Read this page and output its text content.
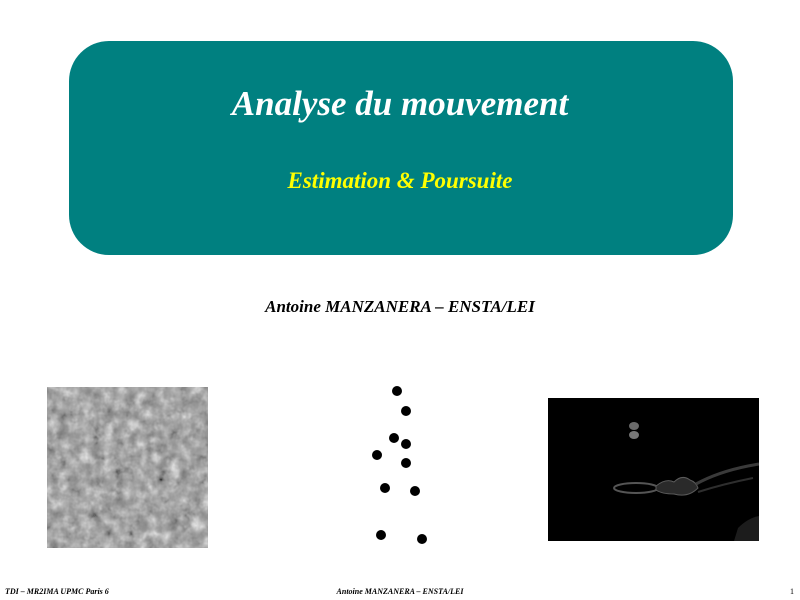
Analyse du mouvement
Estimation & Poursuite
Antoine MANZANERA – ENSTA/LEI
TDI – MR2IMA UPMC Paris 6	Antoine MANZANERA – ENSTA/LEI	1
